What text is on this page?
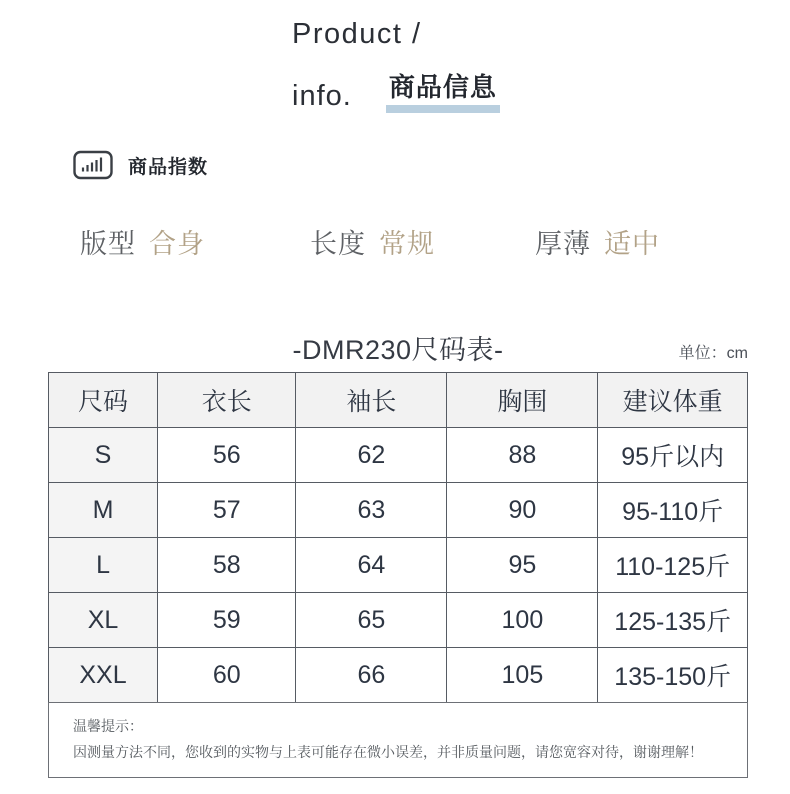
Product /
info. 商品信息
商品指数
版型 合身	长度 常规	厚薄 适中
-DMR230尺码表-	单位：cm
尺码	衣长	袖长	胸围	建议体重
S	56	62	88	95斤以内
M	57	63	90	95-110斤
L	58	64	95	110-125斤
XL	59	65	100	125-135斤
XXL	60	66	105	135-150斤
温馨提示：
因测量方法不同，您收到的实物与上表可能存在微小误差，并非质量问题，请您宽容对待，谢谢理解！
